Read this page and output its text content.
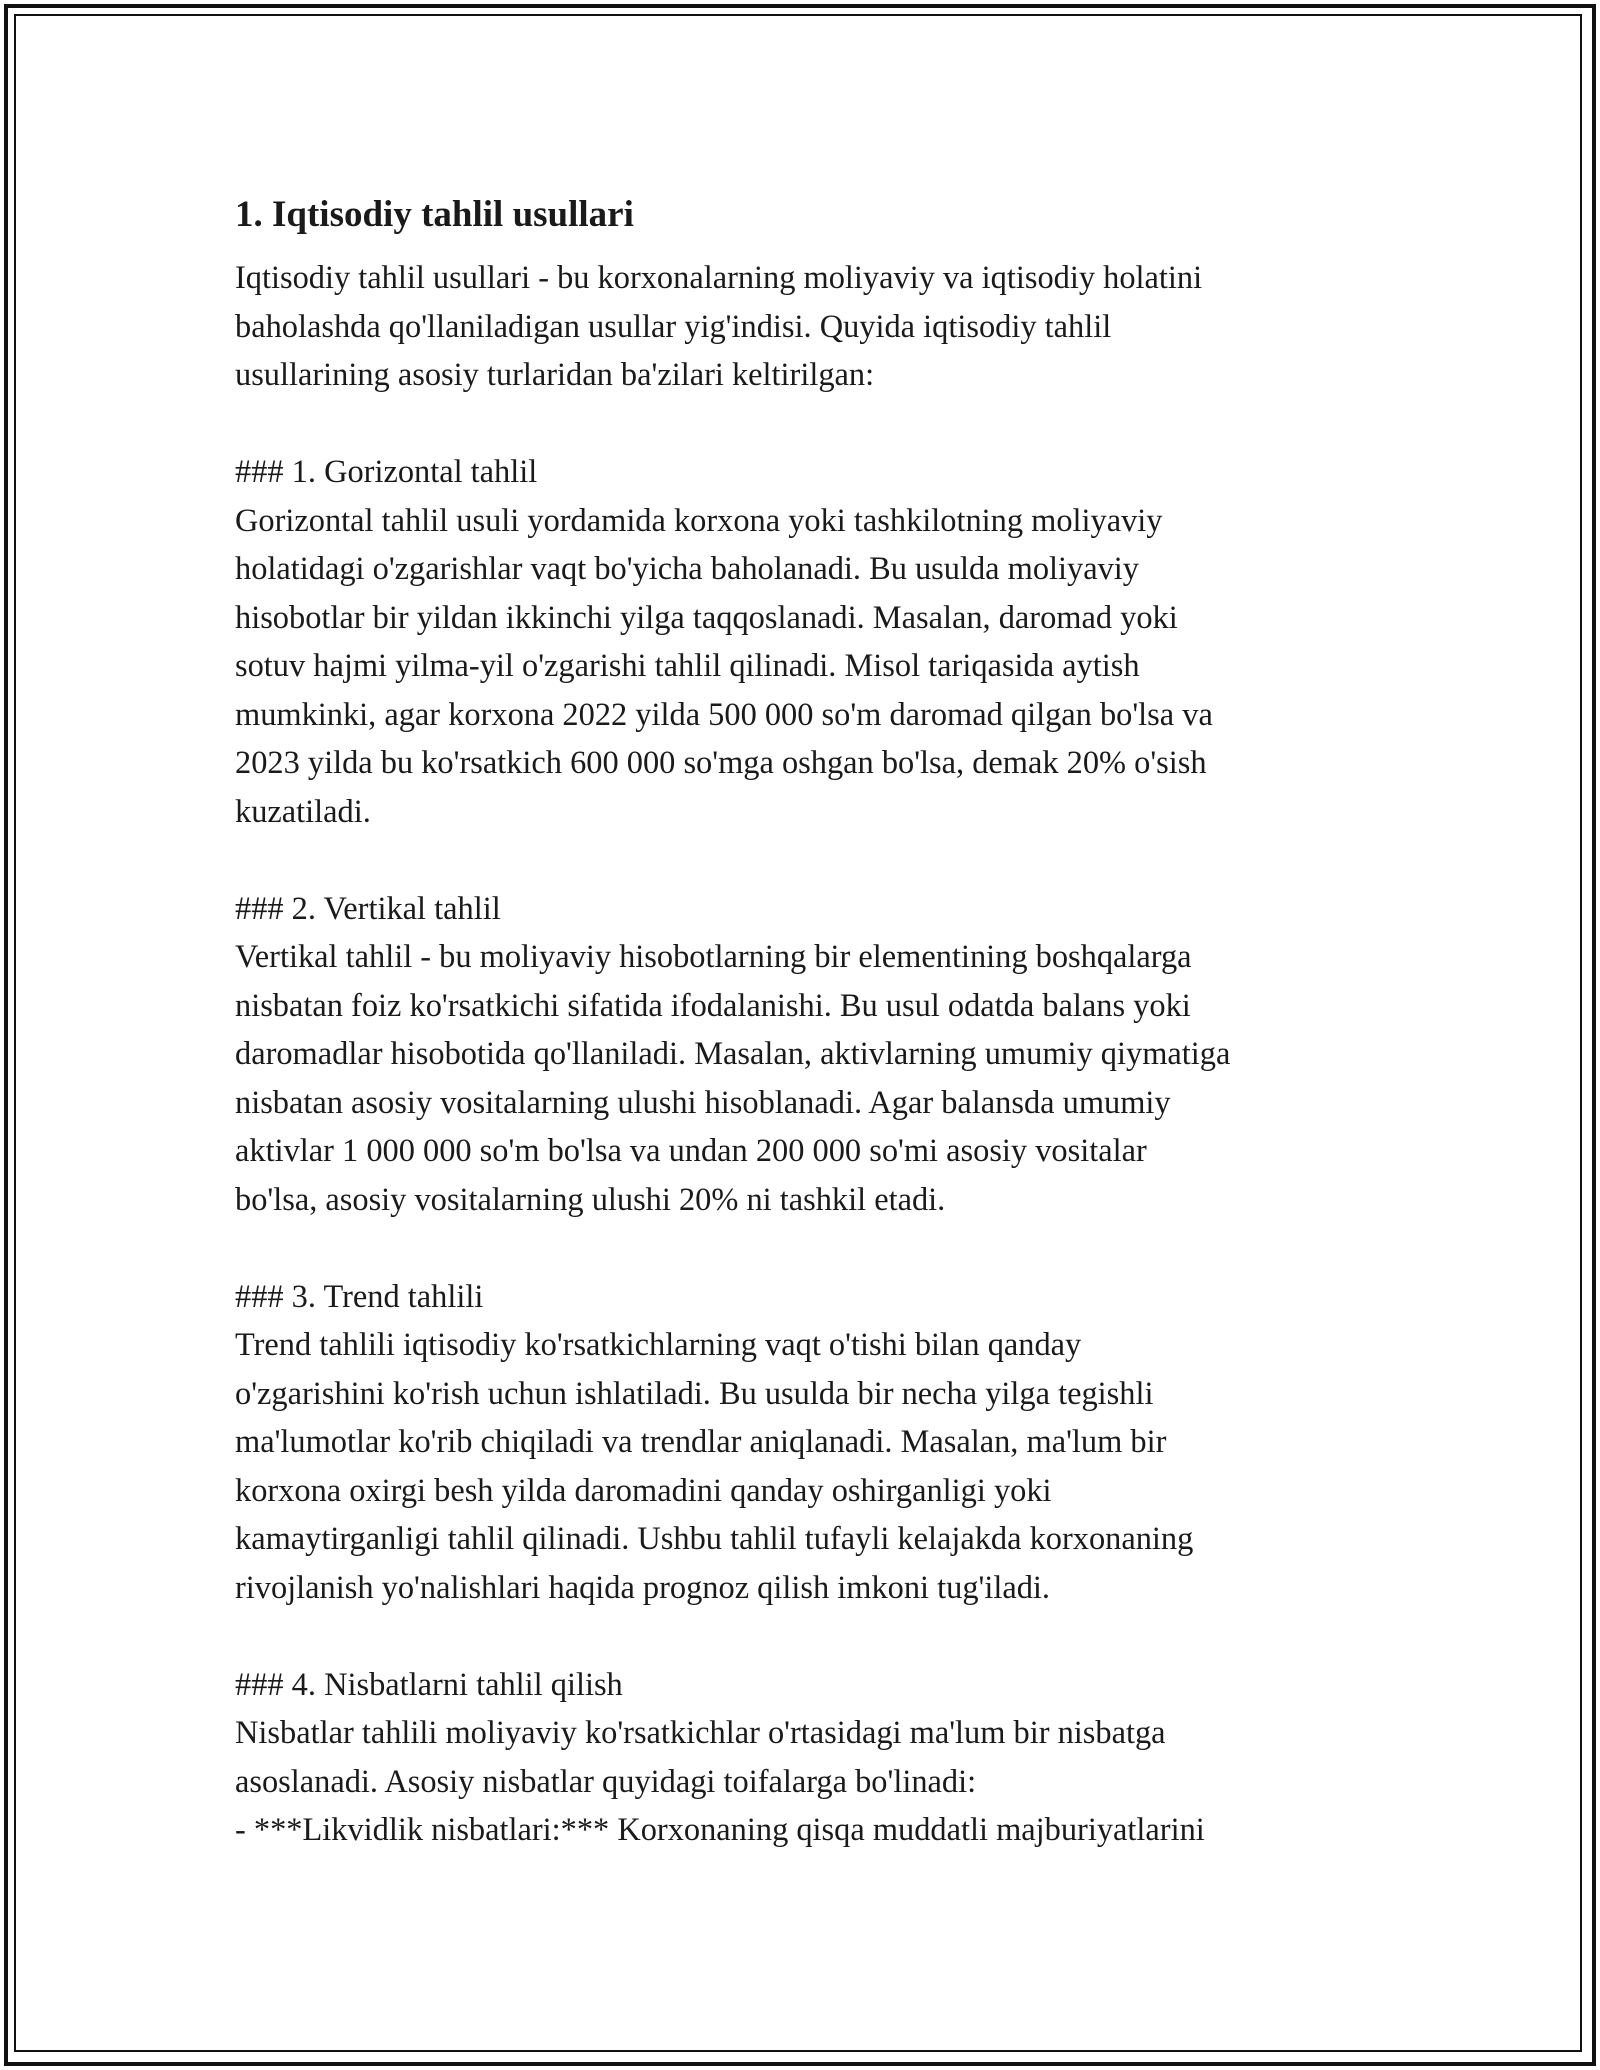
1. Iqtisodiy tahlil usullari

Iqtisodiy tahlil usullari - bu korxonalarning moliyaviy va iqtisodiy holatini
baholashda qo'llaniladigan usullar yig'indisi. Quyida iqtisodiy tahlil
usullarining asosiy turlaridan ba'zilari keltirilgan:

### 1. Gorizontal tahlil

Gorizontal tahlil usuli yordamida korxona yoki tashkilotning moliyaviy
holatidagi o'zgarishlar vaqt bo'yicha baholanadi. Bu usulda moliyaviy
hisobotlar bir yildan ikkinchi yilga taqqoslanadi. Masalan, daromad yoki
sotuv hajmi yilma-yil o'zgarishi tahlil qilinadi. Misol tariqasida aytish
mumkinki, agar korxona 2022 yilda 500 000 so'm daromad qilgan bo'lsa va
2023 yilda bu ko'rsatkich 600 000 so'mga oshgan bo'lsa, demak 20% o'sish
kuzatiladi.

### 2. Vertikal tahlil

Vertikal tahlil - bu moliyaviy hisobotlarning bir elementining boshqalarga
nisbatan foiz ko'rsatkichi sifatida ifodalanishi. Bu usul odatda balans yoki
daromadlar hisobotida qo'llaniladi. Masalan, aktivlarning umumiy qiymatiga
nisbatan asosiy vositalarning ulushi hisoblanadi. Agar balansda umumiy
aktivlar 1 000 000 so'm bo'lsa va undan 200 000 so'mi asosiy vositalar
bo'lsa, asosiy vositalarning ulushi 20% ni tashkil etadi.

### 3. Trend tahlili

Trend tahlili iqtisodiy ko'rsatkichlarning vaqt o'tishi bilan qanday
o'zgarishini ko'rish uchun ishlatiladi. Bu usulda bir necha yilga tegishli
ma'lumotlar ko'rib chiqiladi va trendlar aniqlanadi. Masalan, ma'lum bir
korxona oxirgi besh yilda daromadini qanday oshirganligi yoki
kamaytirganligi tahlil qilinadi. Ushbu tahlil tufayli kelajakda korxonaning
rivojlanish yo'nalishlari haqida prognoz qilish imkoni tug'iladi.

### 4. Nisbatlarni tahlil qilish

Nisbatlar tahlili moliyaviy ko'rsatkichlar o'rtasidagi ma'lum bir nisbatga
asoslanadi. Asosiy nisbatlar quyidagi toifalarga bo'linadi:
- ***Likvidlik nisbatlari:*** Korxonaning qisqa muddatli majburiyatlarini
